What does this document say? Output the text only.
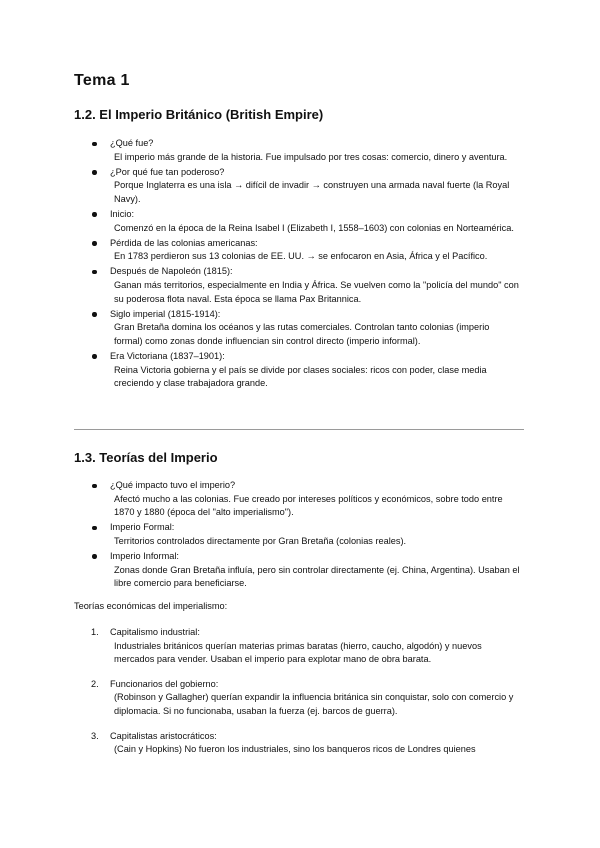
Tema 1
1.2. El Imperio Británico (British Empire)
¿Qué fue?
El imperio más grande de la historia. Fue impulsado por tres cosas: comercio, dinero y aventura.
¿Por qué fue tan poderoso?
Porque Inglaterra es una isla → difícil de invadir → construyen una armada naval fuerte (la Royal Navy).
Inicio:
Comenzó en la época de la Reina Isabel I (Elizabeth I, 1558–1603) con colonias en Norteamérica.
Pérdida de las colonias americanas:
En 1783 perdieron sus 13 colonias de EE. UU. → se enfocaron en Asia, África y el Pacífico.
Después de Napoleón (1815):
Ganan más territorios, especialmente en India y África. Se vuelven como la "policía del mundo" con su poderosa flota naval. Esta época se llama Pax Britannica.
Siglo imperial (1815-1914):
Gran Bretaña domina los océanos y las rutas comerciales. Controlan tanto colonias (imperio formal) como zonas donde influencian sin control directo (imperio informal).
Era Victoriana (1837–1901):
Reina Victoria gobierna y el país se divide por clases sociales: ricos con poder, clase media creciendo y clase trabajadora grande.
1.3. Teorías del Imperio
¿Qué impacto tuvo el imperio?
Afectó mucho a las colonias. Fue creado por intereses políticos y económicos, sobre todo entre 1870 y 1880 (época del "alto imperialismo").
Imperio Formal:
Territorios controlados directamente por Gran Bretaña (colonias reales).
Imperio Informal:
Zonas donde Gran Bretaña influía, pero sin controlar directamente (ej. China, Argentina). Usaban el libre comercio para beneficiarse.

Teorías económicas del imperialismo:

1. Capitalismo industrial:
Industriales británicos querían materias primas baratas (hierro, caucho, algodón) y nuevos mercados para vender. Usaban el imperio para explotar mano de obra barata.
2. Funcionarios del gobierno:
(Robinson y Gallagher) querían expandir la influencia británica sin conquistar, solo con comercio y diplomacia. Si no funcionaba, usaban la fuerza (ej. barcos de guerra).
3. Capitalistas aristocráticos:
(Cain y Hopkins) No fueron los industriales, sino los banqueros ricos de Londres quienes
